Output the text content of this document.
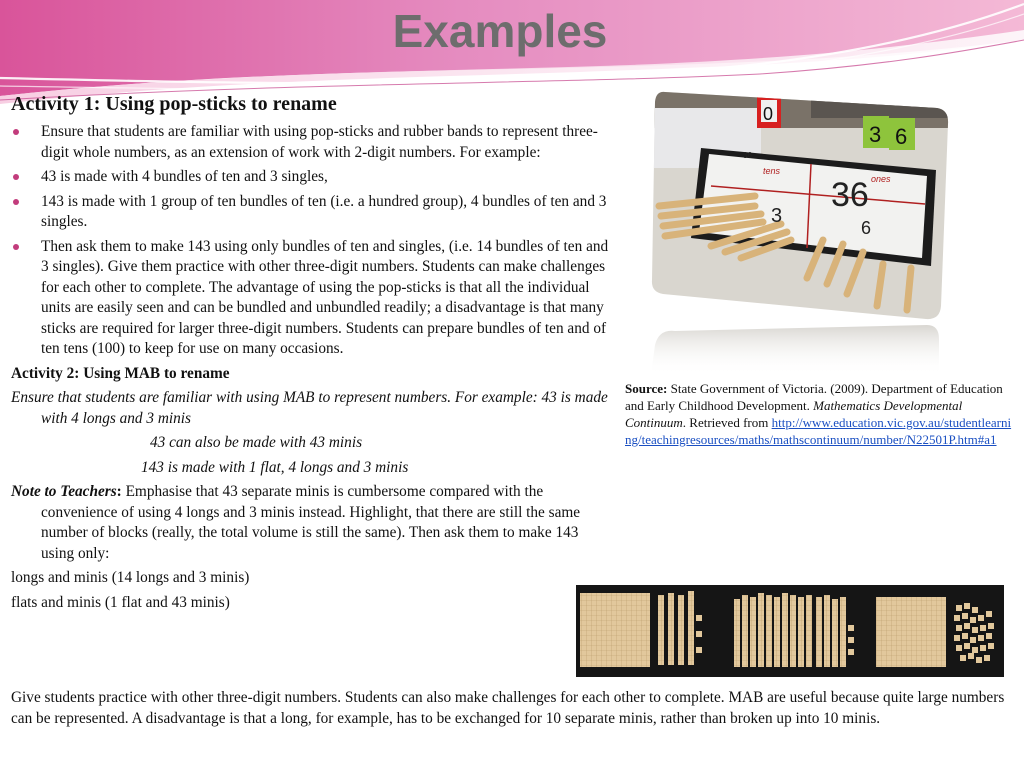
Examples
Activity 1: Using pop-sticks to rename
Ensure that students are familiar with using pop-sticks and rubber bands to represent three-digit whole numbers, as an extension of work with 2-digit numbers. For example:
43 is made with 4 bundles of ten and 3 singles,
143 is made with 1 group of ten bundles of ten (i.e. a hundred group), 4 bundles of ten and 3 singles.
Then ask them to make 143 using only bundles of ten and singles, (i.e. 14 bundles of ten and 3 singles). Give them practice with other three-digit numbers. Students can make challenges for each other to complete. The advantage of using the pop-sticks is that all the individual units are easily seen and can be bundled and unbundled readily; a disadvantage is that many sticks are required for larger three-digit numbers. Students can prepare bundles of ten and of ten tens (100) to keep for use on many occasions.
Activity 2: Using MAB to rename
Ensure that students are familiar with using MAB to represent numbers. For example: 43 is made with 4 longs and 3 minis
43 can also be made with 43 minis
143 is made with 1 flat, 4 longs and 3 minis
Note to Teachers: Emphasise that 43 separate minis is cumbersome compared with the convenience of using 4 longs and 3 minis instead. Highlight, that there are still the same number of blocks (really, the total volume is still the same). Then ask them to make 143 using only:
longs and minis (14 longs and 3 minis)
flats and minis (1 flat and 43 minis)
Give students practice with other three-digit numbers. Students can also make challenges for each other to complete. MAB are useful because quite large numbers can be represented. A disadvantage is that a long, for example, has to be exchanged for 10 separate minis, rather than broken up into 10 minis.
0
3 6
tens
ones
36
3
6
36
Source: State Government of Victoria. (2009). Department of Education and Early Childhood Development. Mathematics Developmental Continuum. Retrieved from http://www.education.vic.gov.au/studentlearning/teachingresources/maths/mathscontinuum/number/N22501P.htm#a1
